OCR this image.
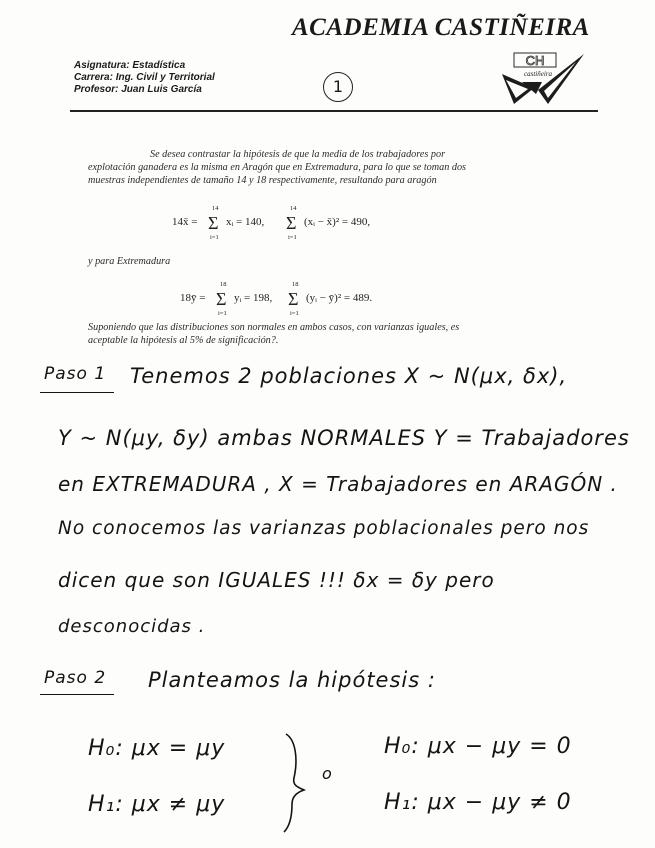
ACADEMIA CASTIÑEIRA
Asignatura: Estadística
Carrera: Ing. Civil y Territorial
Profesor: Juan Luis García	1
CH
castiñeira
Se desea contrastar la hipótesis de que la media de los trabajadores por explotación ganadera es la misma en Aragón que en Extremadura, para lo que se toman dos muestras independientes de tamaño 14 y 18 respectivamente, resultando para aragón
14x̄ =
14
Σ
i=1
xᵢ = 140,
14
Σ
i=1
(xᵢ − x̄)² = 490,
y para Extremadura
18ȳ =
18
Σ
i=1
yᵢ = 198,
18
Σ
i=1
(yᵢ − ȳ)² = 489.
Suponiendo que las distribuciones son normales en ambos casos, con varianzas iguales, es aceptable la hipótesis al 5% de significación?.
Paso 1 Tenemos 2 poblaciones X ~ N(μx, δx),
Y ~ N(μy, δy) ambas NORMALES Y = Trabajadores
en EXTREMADURA , X = Trabajadores en ARAGÓN .
No conocemos las varianzas poblacionales pero nos
dicen que son IGUALES !!! δx = δy pero
desconocidas .
Paso 2 Planteamos la hipótesis :
H₀: μx = μy
H₁: μx ≠ μy
o
H₀: μx − μy = 0
H₁: μx − μy ≠ 0
